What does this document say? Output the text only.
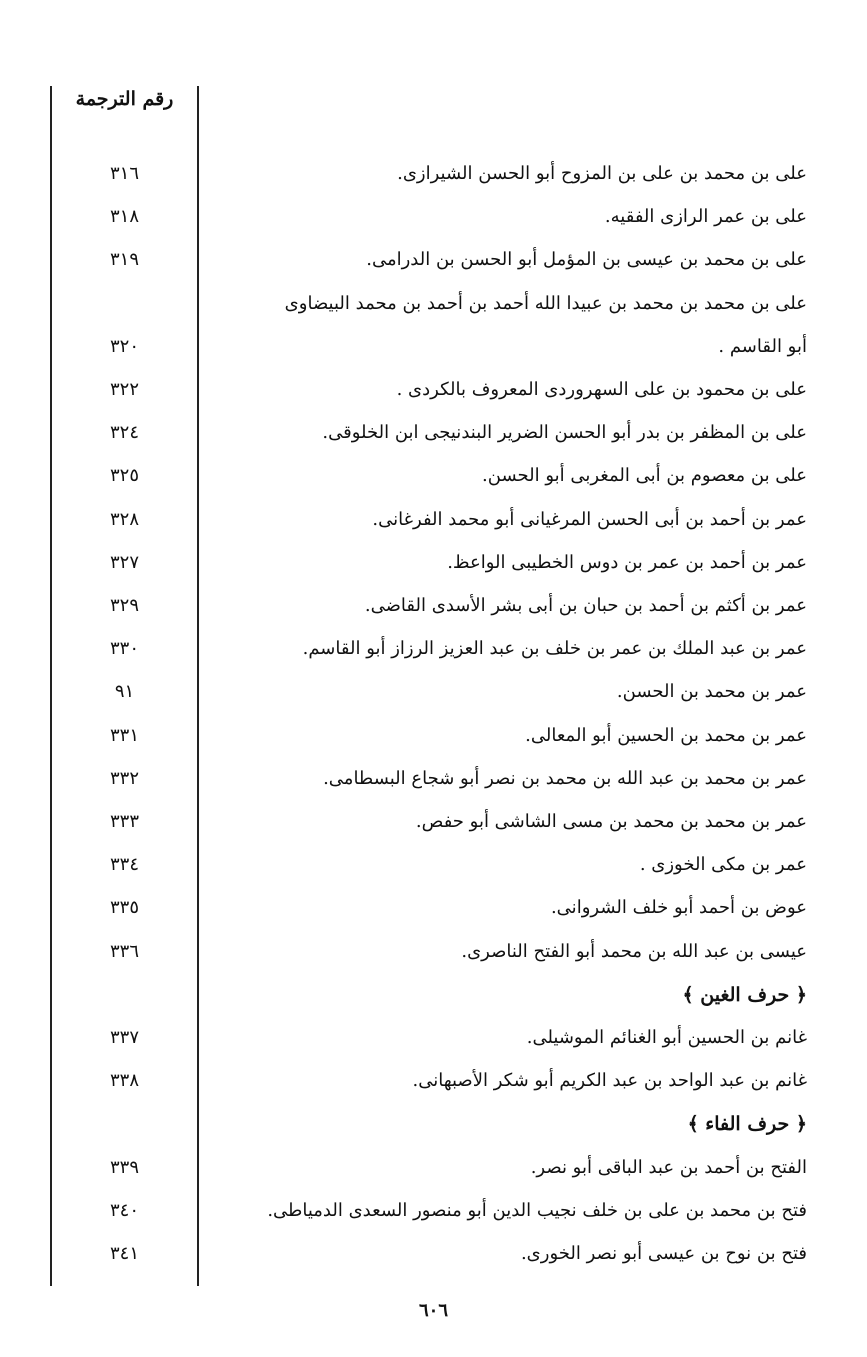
رقم الترجمة
على بن محمد بن على بن المزوح أبو الحسن الشيرازى.
٣١٦
على بن عمر الرازى الفقيه.
٣١٨
على بن محمد بن عيسى بن المؤمل أبو الحسن بن الدرامى.
٣١٩
على بن محمد بن محمد بن عبيدا الله أحمد بن أحمد بن محمد البيضاوى
أبو القاسم .
٣٢٠
على بن محمود بن على السهروردى المعروف بالكردى .
٣٢٢
على بن المظفر بن بدر أبو الحسن الضرير البندنيجى ابن الخلوقى.
٣٢٤
على بن معصوم بن أبى المغربى أبو الحسن.
٣٢٥
عمر بن أحمد بن أبى الحسن المرغيانى أبو محمد الفرغانى.
٣٢٨
عمر بن أحمد بن عمر بن دوس الخطيبى الواعظ.
٣٢٧
عمر بن أكثم بن أحمد بن حبان بن أبى بشر الأسدى القاضى.
٣٢٩
عمر بن عبد الملك بن عمر بن خلف بن عبد العزيز الرزاز أبو القاسم.
٣٣٠
عمر بن محمد بن الحسن.
٩١
عمر بن محمد بن الحسين أبو المعالى.
٣٣١
عمر بن محمد بن عبد الله بن محمد بن نصر أبو شجاع البسطامى.
٣٣٢
عمر بن محمد بن محمد بن مسى الشاشى أبو حفص.
٣٣٣
عمر بن مكى الخوزى .
٣٣٤
عوض بن أحمد أبو خلف الشروانى.
٣٣٥
عيسى بن عبد الله بن محمد أبو الفتح الناصرى.
٣٣٦
﴿ حرف الغين ﴾
غانم بن الحسين أبو الغنائم الموشيلى.
٣٣٧
غانم بن عبد الواحد بن عبد الكريم أبو شكر الأصبهانى.
٣٣٨
﴿ حرف الفاء ﴾
الفتح بن أحمد بن عبد الباقى أبو نصر.
٣٣٩
فتح بن محمد بن على بن خلف نجيب الدين أبو منصور السعدى الدمياطى.
٣٤٠
فتح بن نوح بن عيسى أبو نصر الخورى.
٣٤١
٦٠٦
